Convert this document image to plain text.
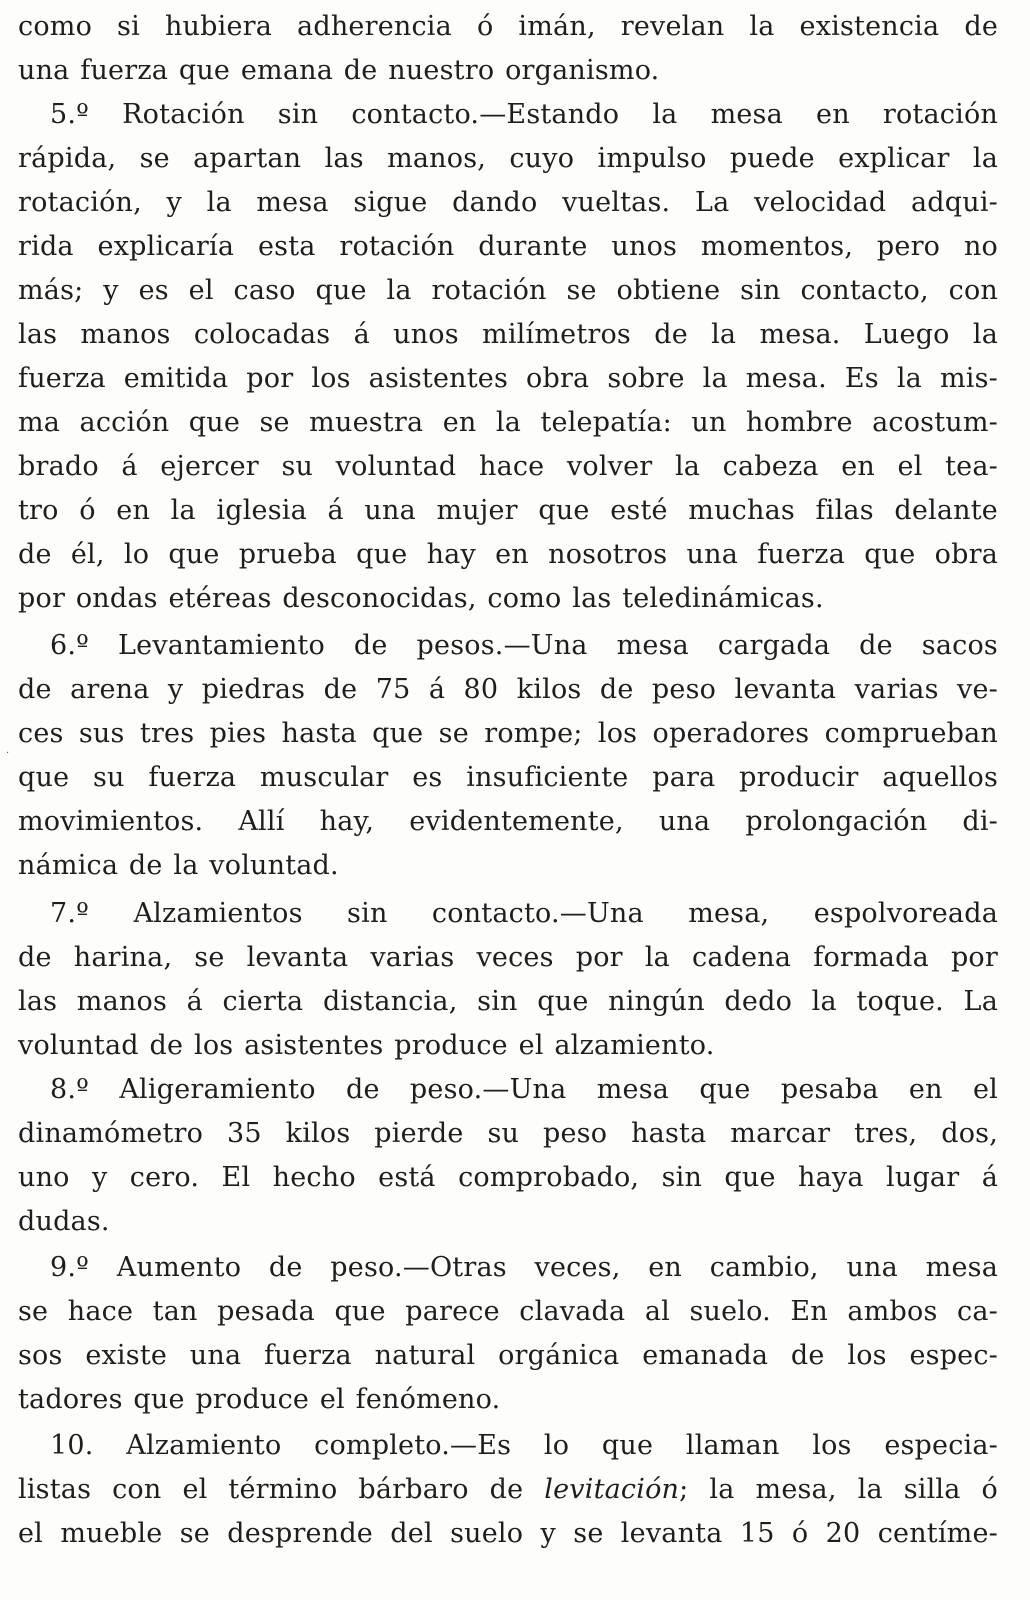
como si hubiera adherencia ó imán, revelan la existencia de
una fuerza que emana de nuestro organismo.
5.º Rotación sin contacto.—Estando la mesa en rotación
rápida, se apartan las manos, cuyo impulso puede explicar la
rotación, y la mesa sigue dando vueltas. La velocidad adqui-
rida explicaría esta rotación durante unos momentos, pero no
más; y es el caso que la rotación se obtiene sin contacto, con
las manos colocadas á unos milímetros de la mesa. Luego la
fuerza emitida por los asistentes obra sobre la mesa. Es la mis-
ma acción que se muestra en la telepatía: un hombre acostum-
brado á ejercer su voluntad hace volver la cabeza en el tea-
tro ó en la iglesia á una mujer que esté muchas filas delante
de él, lo que prueba que hay en nosotros una fuerza que obra
por ondas etéreas desconocidas, como las teledinámicas.
6.º Levantamiento de pesos.—Una mesa cargada de sacos
de arena y piedras de 75 á 80 kilos de peso levanta varias ve-
ces sus tres pies hasta que se rompe; los operadores comprueban
que su fuerza muscular es insuficiente para producir aquellos
movimientos. Allí hay, evidentemente, una prolongación di-
námica de la voluntad.
7.º Alzamientos sin contacto.—Una mesa, espolvoreada
de harina, se levanta varias veces por la cadena formada por
las manos á cierta distancia, sin que ningún dedo la toque. La
voluntad de los asistentes produce el alzamiento.
8.º Aligeramiento de peso.—Una mesa que pesaba en el
dinamómetro 35 kilos pierde su peso hasta marcar tres, dos,
uno y cero. El hecho está comprobado, sin que haya lugar á
dudas.
9.º Aumento de peso.—Otras veces, en cambio, una mesa
se hace tan pesada que parece clavada al suelo. En ambos ca-
sos existe una fuerza natural orgánica emanada de los espec-
tadores que produce el fenómeno.
10. Alzamiento completo.—Es lo que llaman los especia-
listas con el término bárbaro de levitación; la mesa, la silla ó
el mueble se desprende del suelo y se levanta 15 ó 20 centíme-
·
